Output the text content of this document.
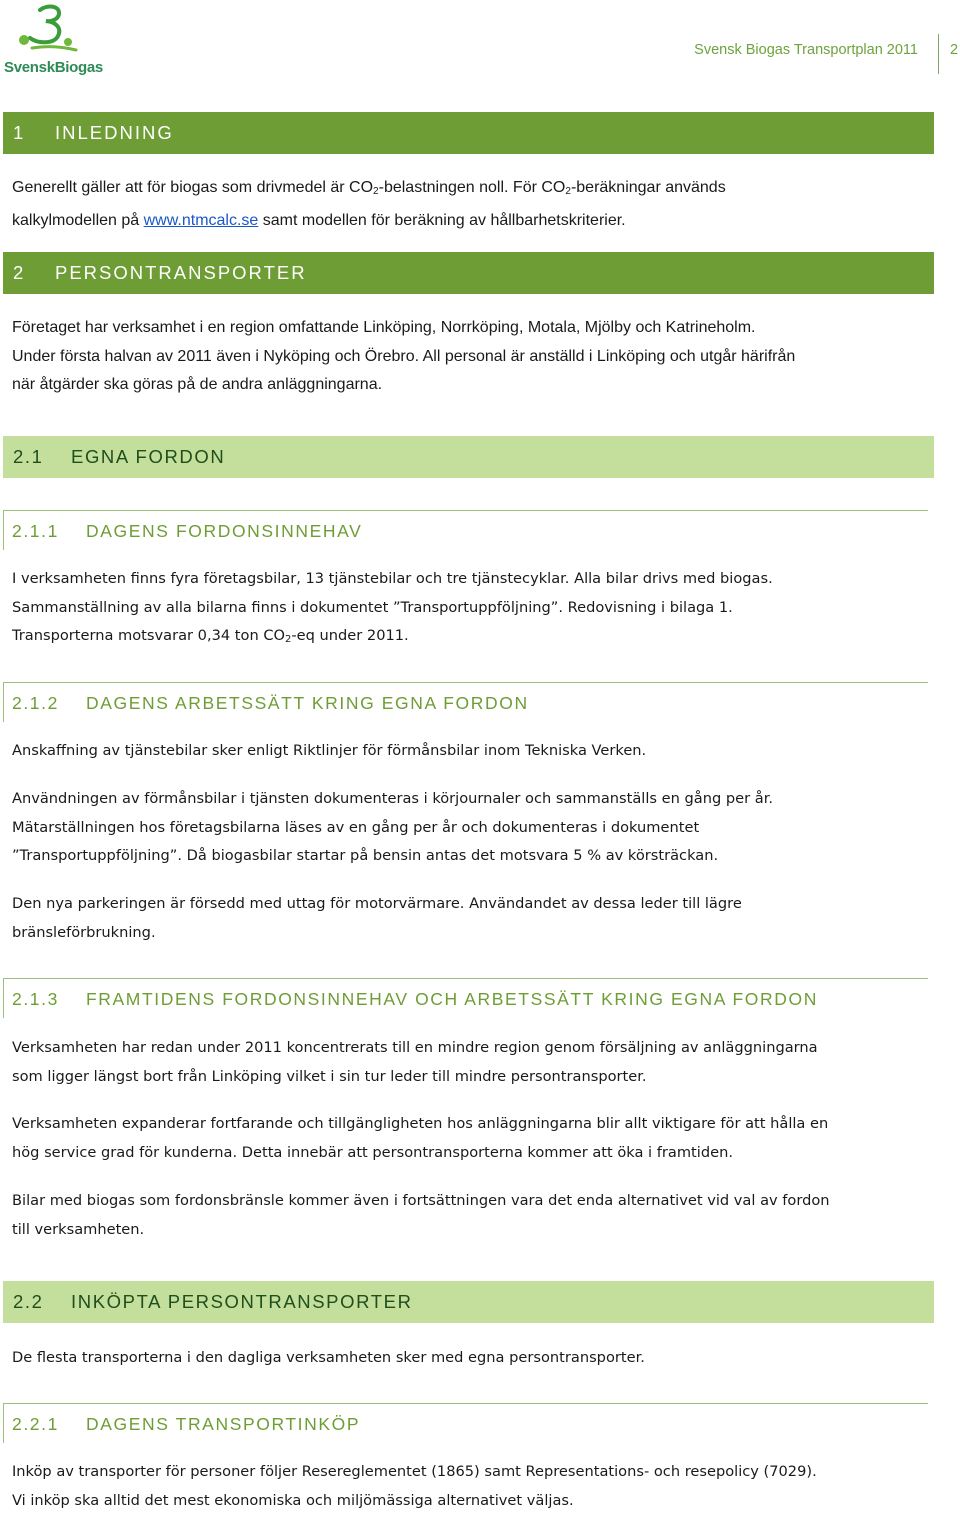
SvenskBiogas
Svensk Biogas Transportplan 2011 2
1 INLEDNING
Generellt gäller att för biogas som drivmedel är $CO_2$-belastningen noll. För $CO_2$-beräkningar används
kalkylmodellen på www.ntmcalc.se samt modellen för beräkning av hållbarhetskriterier.
2 PERSONTRANSPORTER
Företaget har verksamhet i en region omfattande Linköping, Norrköping, Motala, Mjölby och Katrineholm.
Under första halvan av 2011 även i Nyköping och Örebro. All personal är anställd i Linköping och utgår härifrån
när åtgärder ska göras på de andra anläggningarna.
2.1 EGNA FORDON
2.1.1 DAGENS FORDONSINNEHAV
I verksamheten finns fyra företagsbilar, 13 tjänstebilar och tre tjänstecyklar. Alla bilar drivs med biogas.
Sammanställning av alla bilarna finns i dokumentet ”Transportuppföljning”. Redovisning i bilaga 1.
Transporterna motsvarar 0,34 ton $CO_2-eq$ under 2011.
2.1.2 DAGENS ARBETSSÄTT KRING EGNA FORDON
Anskaffning av tjänstebilar sker enligt Riktlinjer för förmånsbilar inom Tekniska Verken.
Användningen av förmånsbilar i tjänsten dokumenteras i körjournaler och sammanställs en gång per år.
Mätarställningen hos företagsbilarna läses av en gång per år och dokumenteras i dokumentet
”Transportuppföljning”. Då biogasbilar startar på bensin antas det motsvara 5 % av körsträckan.
Den nya parkeringen är försedd med uttag för motorvärmare. Användandet av dessa leder till lägre
bränsleförbrukning.
2.1.3 FRAMTIDENS FORDONSINNEHAV OCH ARBETSSÄTT KRING EGNA FORDON
Verksamheten har redan under 2011 koncentrerats till en mindre region genom försäljning av anläggningarna
som ligger längst bort från Linköping vilket i sin tur leder till mindre persontransporter.
Verksamheten expanderar fortfarande och tillgängligheten hos anläggningarna blir allt viktigare för att hålla en
hög service grad för kunderna. Detta innebär att persontransporterna kommer att öka i framtiden.
Bilar med biogas som fordonsbränsle kommer även i fortsättningen vara det enda alternativet vid val av fordon
till verksamheten.
2.2 INKÖPTA PERSONTRANSPORTER
De flesta transporterna i den dagliga verksamheten sker med egna persontransporter.
2.2.1 DAGENS TRANSPORTINKÖP
Inköp av transporter för personer följer Resereglementet (1865) samt Representations- och resepolicy (7029).
Vi inköp ska alltid det mest ekonomiska och miljömässiga alternativet väljas.
